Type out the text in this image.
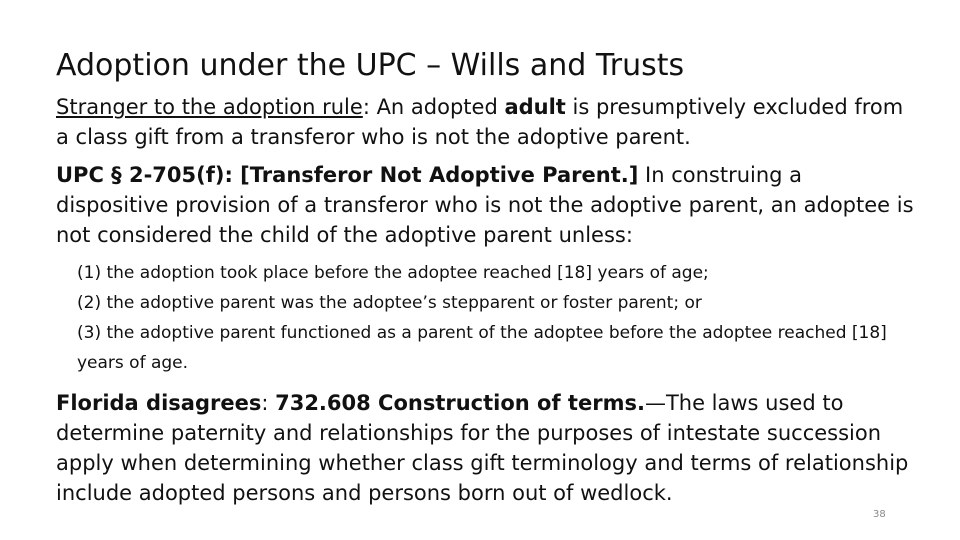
Adoption under the UPC – Wills and Trusts

Stranger to the adoption rule: An adopted adult is presumptively excluded from a class gift from a transferor who is not the adoptive parent.

UPC § 2-705(f): [Transferor Not Adoptive Parent.] In construing a dispositive provision of a transferor who is not the adoptive parent, an adoptee is not considered the child of the adoptive parent unless:

(1) the adoption took place before the adoptee reached [18] years of age;
(2) the adoptive parent was the adoptee’s stepparent or foster parent; or
(3) the adoptive parent functioned as a parent of the adoptee before the adoptee reached [18] years of age.

Florida disagrees: 732.608 Construction of terms.—The laws used to determine paternity and relationships for the purposes of intestate succession apply when determining whether class gift terminology and terms of relationship include adopted persons and persons born out of wedlock.

38
